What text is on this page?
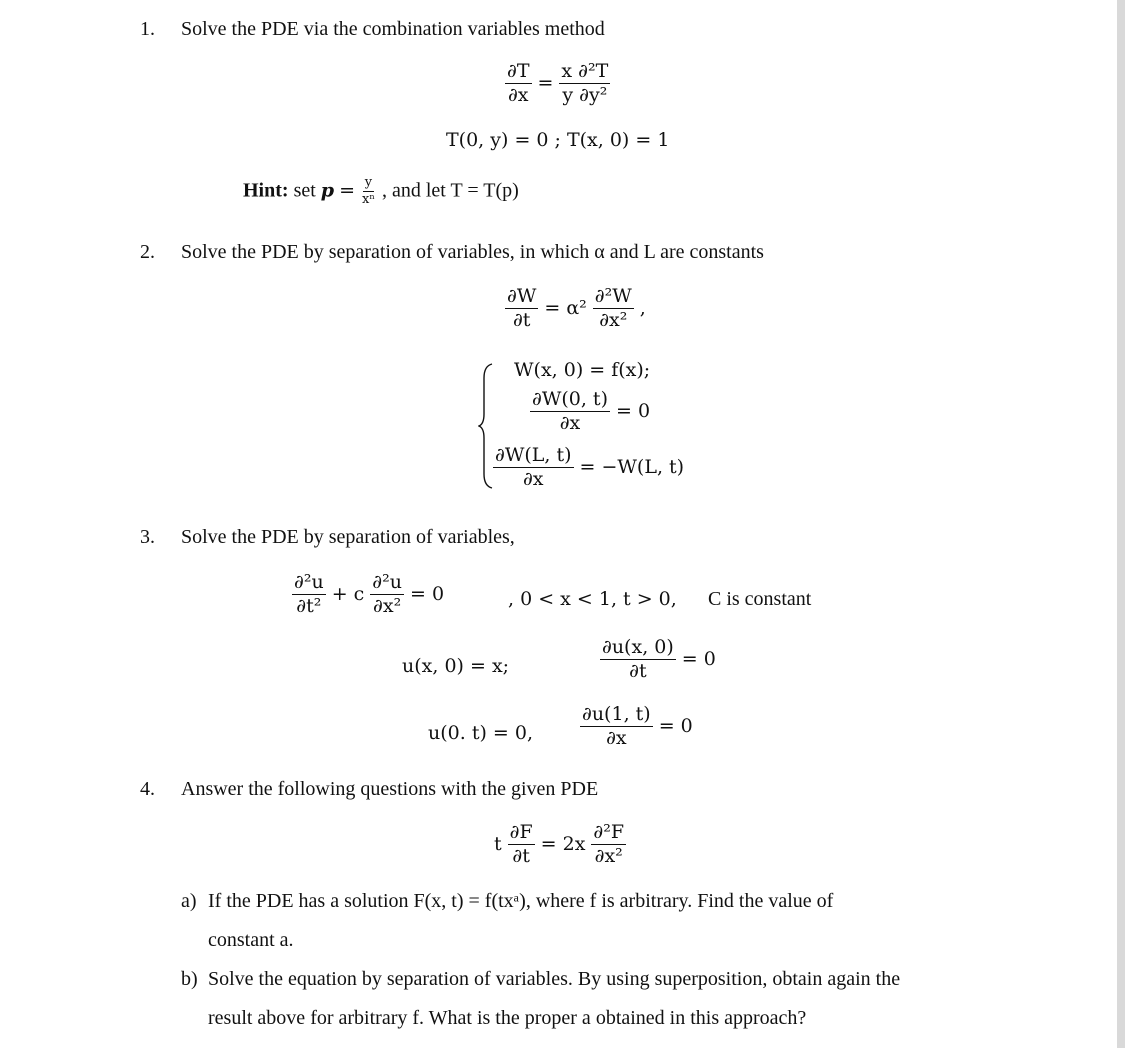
1. Solve the PDE via the combination variables method
$\frac{\partial T}{\partial x} = \frac{\text{x ∂²T}}{\text{y ∂y²}}$
T(0, y) = 0 ; T(x, 0) = 1
Hint: set $p = \frac{y}{\text{xⁿ}}$ , and let T = T(p)
2. Solve the PDE by separation of variables, in which α and L are constants
$\frac{\partial W}{\partial t} = \alpha^2 \frac{\text{∂²W}}{\text{∂x²}}$ ,
W(x, 0) = f(x);
$\frac{\partial W(0, t)}{\partial x} = 0$
$\frac{\partial W(L, t)}{\partial x} = -W(L$, t)
3. Solve the PDE by separation of variables,
$\frac{\text{∂²u}}{\text{∂t²}} + c \frac{\text{∂²u}}{\text{∂x²}} = 0$	, 0 < x < 1, t > 0, C is constant
u(x, 0) = x;	$\frac{\partial u(x, 0)}{\partial t} = 0$
u(0. t) = 0, $\frac{\partial u(1, t)}{\partial x} = 0$
4. Answer the following questions with the given PDE
t $\frac{\partial F}{\partial t} = 2x \frac{\text{∂²F}}{\text{∂x²}}$
a) If the PDE has a solution F(x, t) = f(txᵃ), where f is arbitrary. Find the value of
constant a.
b) Solve the equation by separation of variables. By using superposition, obtain again the
result above for arbitrary f. What is the proper a obtained in this approach?
